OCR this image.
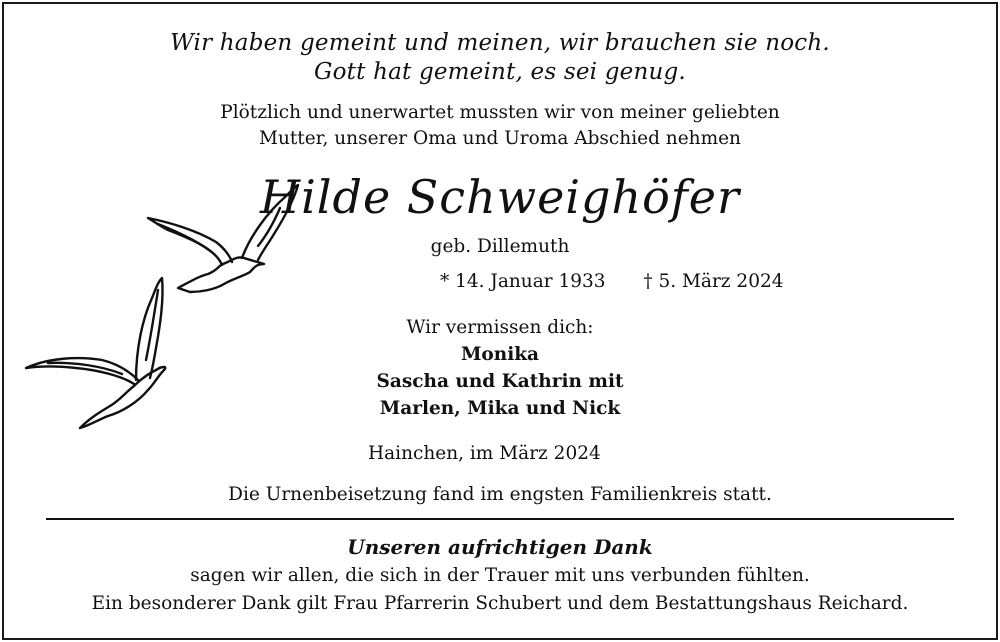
Wir haben gemeint und meinen, wir brauchen sie noch.
Gott hat gemeint, es sei genug.
Plötzlich und unerwartet mussten wir von meiner geliebten
Mutter, unserer Oma und Uroma Abschied nehmen
Hilde Schweighöfer
geb. Dillemuth
* 14. Januar 1933 † 5. März 2024
Wir vermissen dich:
Monika
Sascha und Kathrin mit
Marlen, Mika und Nick
Hainchen, im März 2024
Die Urnenbeisetzung fand im engsten Familienkreis statt.
Unseren aufrichtigen Dank
sagen wir allen, die sich in der Trauer mit uns verbunden fühlten.
Ein besonderer Dank gilt Frau Pfarrerin Schubert und dem Bestattungshaus Reichard.
